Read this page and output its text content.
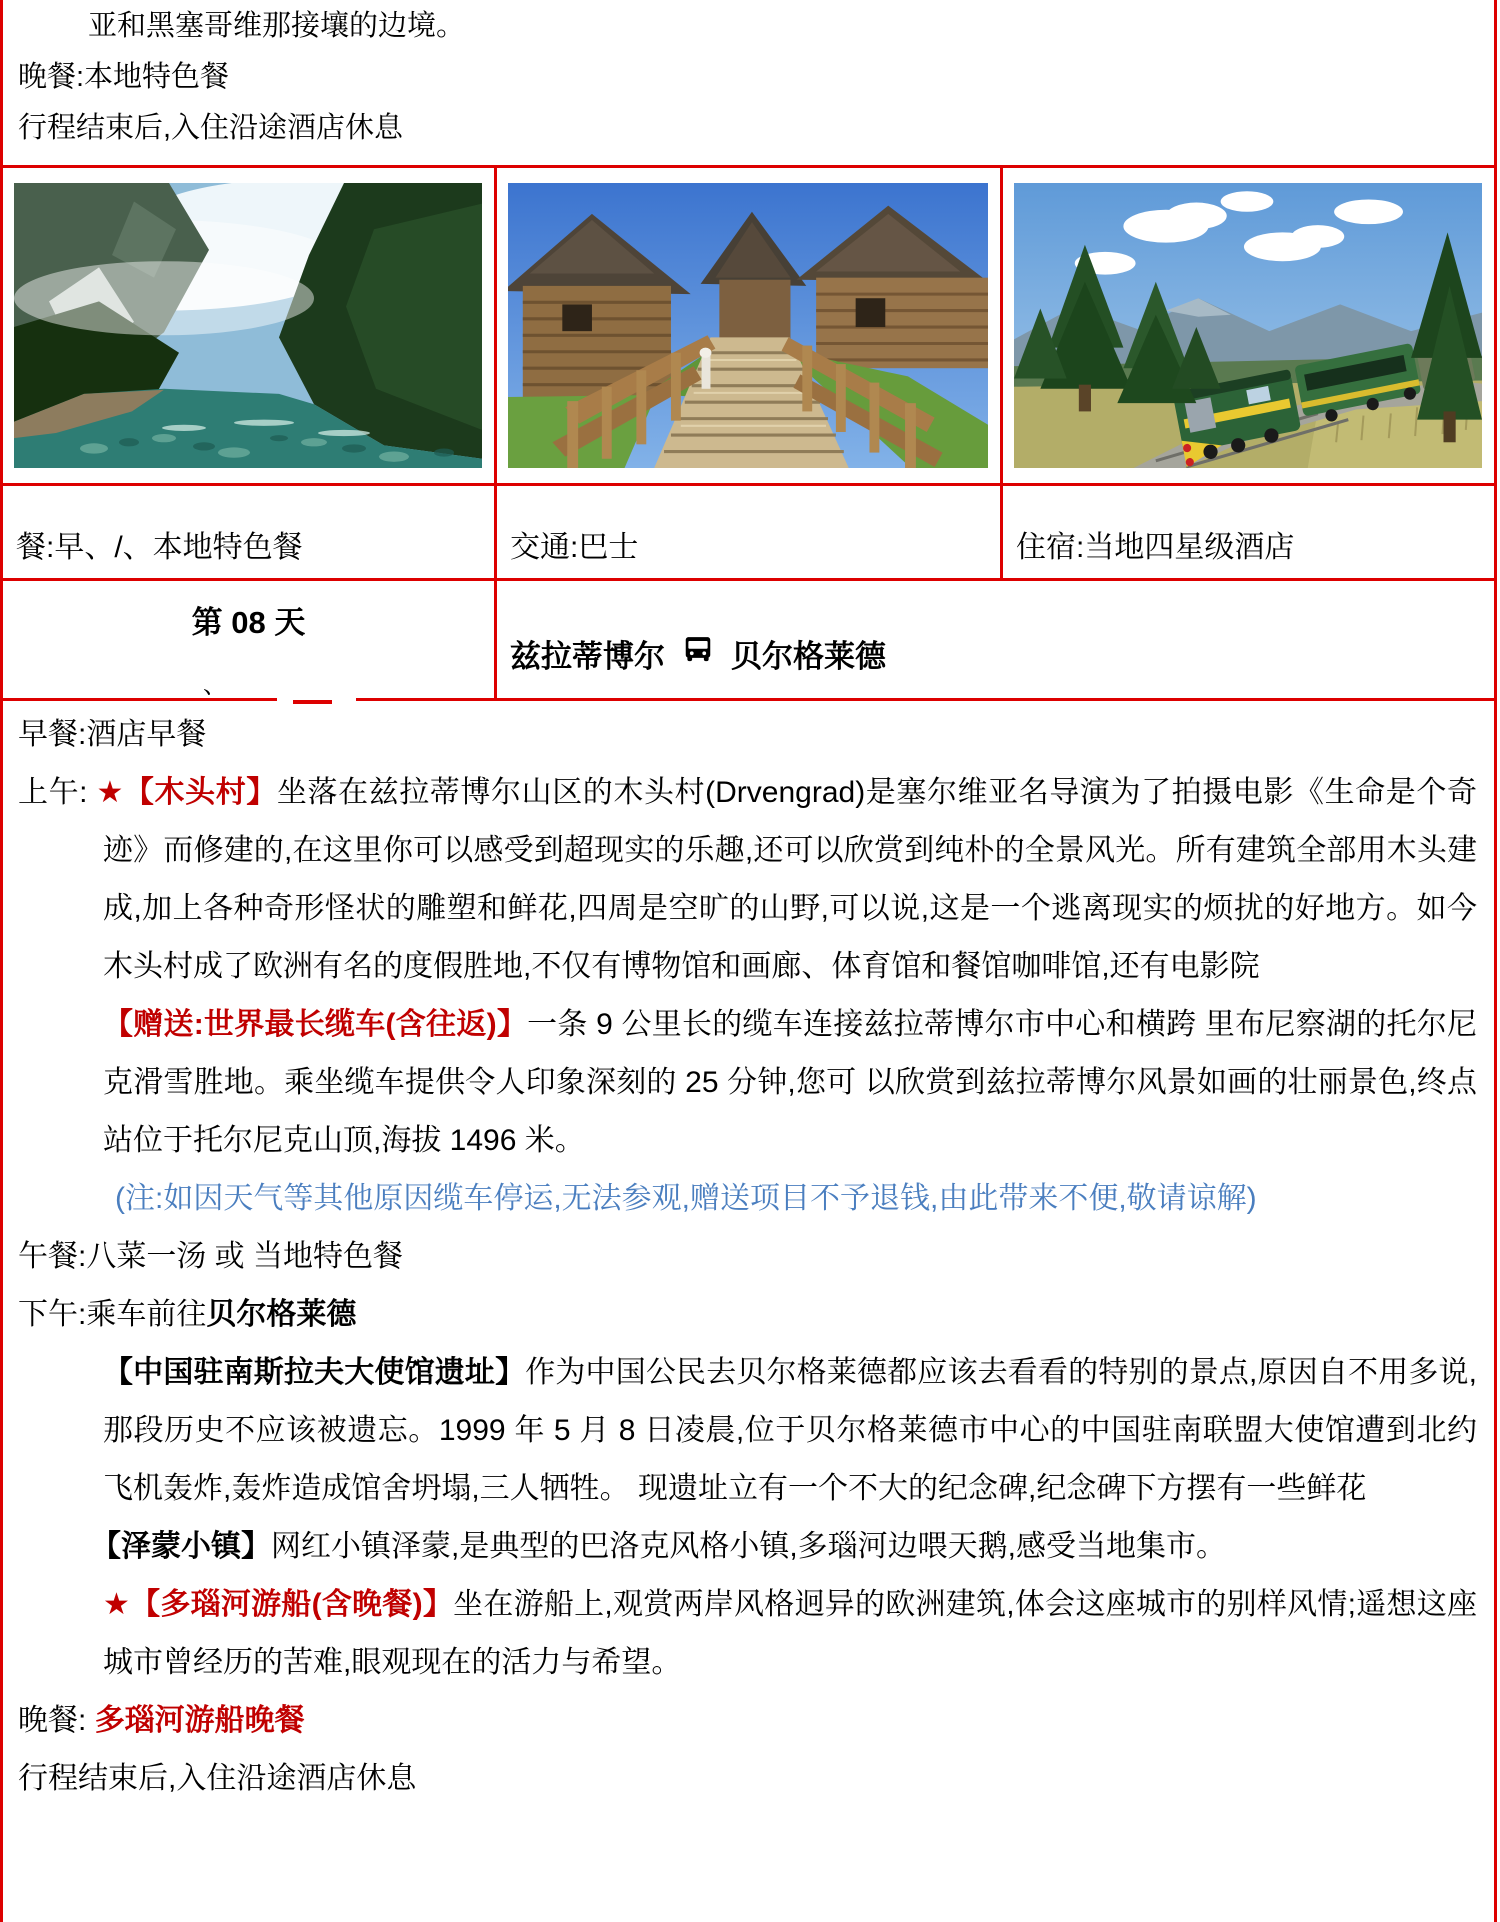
亚和黑塞哥维那接壤的边境。
晚餐:本地特色餐
行程结束后,入住沿途酒店休息
餐:早、/、本地特色餐	交通:巴士	住宿:当地四星级酒店
第 08 天
、
兹拉蒂博尔 贝尔格莱德

早餐:酒店早餐

上午: ★【木头村】坐落在兹拉蒂博尔山区的木头村(Drvengrad)是塞尔维亚名导演为了拍摄电影《生命是个奇迹》而修建的,在这里你可以感受到超现实的乐趣,还可以欣赏到纯朴的全景风光。所有建筑全部用木头建成,加上各种奇形怪状的雕塑和鲜花,四周是空旷的山野,可以说,这是一个逃离现实的烦扰的好地方。如今木头村成了欧洲有名的度假胜地,不仅有博物馆和画廊、体育馆和餐馆咖啡馆,还有电影院

【赠送:世界最长缆车(含往返)】一条 9 公里长的缆车连接兹拉蒂博尔市中心和横跨 里布尼察湖的托尔尼克滑雪胜地。乘坐缆车提供令人印象深刻的 25 分钟,您可 以欣赏到兹拉蒂博尔风景如画的壮丽景色,终点站位于托尔尼克山顶,海拔 1496 米。

(注:如因天气等其他原因缆车停运,无法参观,赠送项目不予退钱,由此带来不便,敬请谅解)

午餐:八菜一汤 或 当地特色餐

下午:乘车前往贝尔格莱德

【中国驻南斯拉夫大使馆遗址】作为中国公民去贝尔格莱德都应该去看看的特别的景点,原因自不用多说,那段历史不应该被遗忘。1999 年 5 月 8 日凌晨,位于贝尔格莱德市中心的中国驻南联盟大使馆遭到北约飞机轰炸,轰炸造成馆舍坍塌,三人牺牲。 现遗址立有一个不大的纪念碑,纪念碑下方摆有一些鲜花

【泽蒙小镇】网红小镇泽蒙,是典型的巴洛克风格小镇,多瑙河边喂天鹅,感受当地集市。

★【多瑙河游船(含晚餐)】坐在游船上,观赏两岸风格迥异的欧洲建筑,体会这座城市的别样风情;遥想这座城市曾经历的苦难,眼观现在的活力与希望。

晚餐: 多瑙河游船晚餐

行程结束后,入住沿途酒店休息
